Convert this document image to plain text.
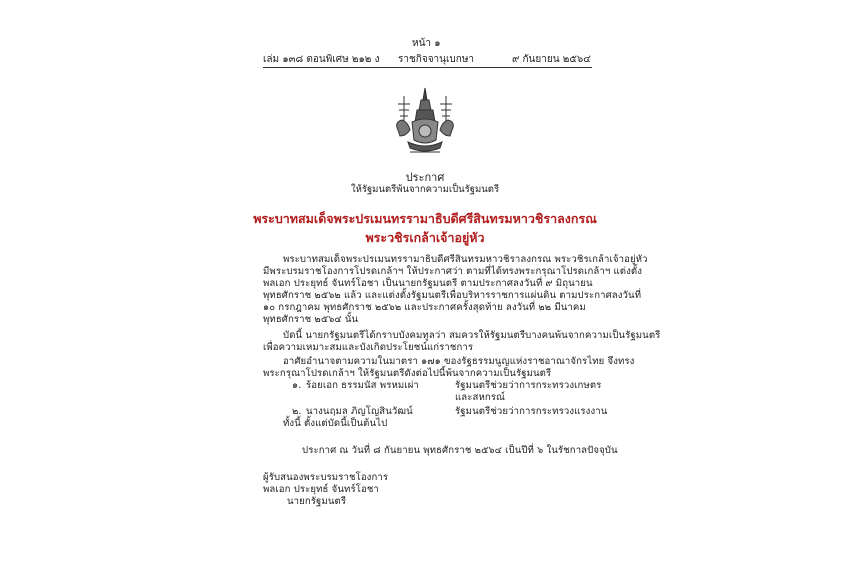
หน้า ๑
เล่ม ๑๓๘ ตอนพิเศษ ๒๑๒ ง ราชกิจจานุเบกษา	๙ กันยายน ๒๕๖๔
ประกาศ
ให้รัฐมนตรีพ้นจากความเป็นรัฐมนตรี
พระบาทสมเด็จพระปรเมนทรรามาธิบดีศรีสินทรมหาวชิราลงกรณ
พระวชิรเกล้าเจ้าอยู่หัว
พระบาทสมเด็จพระปรเมนทรรามาธิบดีศรีสินทรมหาวชิราลงกรณ พระวชิรเกล้าเจ้าอยู่หัว
มีพระบรมราชโองการโปรดเกล้าฯ ให้ประกาศว่า ตามที่ได้ทรงพระกรุณาโปรดเกล้าฯ แต่งตั้ง
พลเอก ประยุทธ์ จันทร์โอชา เป็นนายกรัฐมนตรี ตามประกาศลงวันที่ ๙ มิถุนายน
พุทธศักราช ๒๕๖๒ แล้ว และแต่งตั้งรัฐมนตรีเพื่อบริหารราชการแผ่นดิน ตามประกาศลงวันที่
๑๐ กรกฎาคม พุทธศักราช ๒๕๖๒ และประกาศครั้งสุดท้าย ลงวันที่ ๒๒ มีนาคม
พุทธศักราช ๒๕๖๔ นั้น
บัดนี้ นายกรัฐมนตรีได้กราบบังคมทูลว่า สมควรให้รัฐมนตรีบางคนพ้นจากความเป็นรัฐมนตรี
เพื่อความเหมาะสมและบังเกิดประโยชน์แก่ราชการ
อาศัยอำนาจตามความในมาตรา ๑๗๑ ของรัฐธรรมนูญแห่งราชอาณาจักรไทย จึงทรง
พระกรุณาโปรดเกล้าฯ ให้รัฐมนตรีดังต่อไปนี้พ้นจากความเป็นรัฐมนตรี
๑. ร้อยเอก ธรรมนัส พรหมเผ่า	รัฐมนตรีช่วยว่าการกระทรวงเกษตร
และสหกรณ์
๒. นางนฤมล ภิญโญสินวัฒน์	รัฐมนตรีช่วยว่าการกระทรวงแรงงาน
ทั้งนี้ ตั้งแต่บัดนี้เป็นต้นไป
ประกาศ ณ วันที่ ๘ กันยายน พุทธศักราช ๒๕๖๔ เป็นปีที่ ๖ ในรัชกาลปัจจุบัน
ผู้รับสนองพระบรมราชโองการ
พลเอก ประยุทธ์ จันทร์โอชา
นายกรัฐมนตรี
